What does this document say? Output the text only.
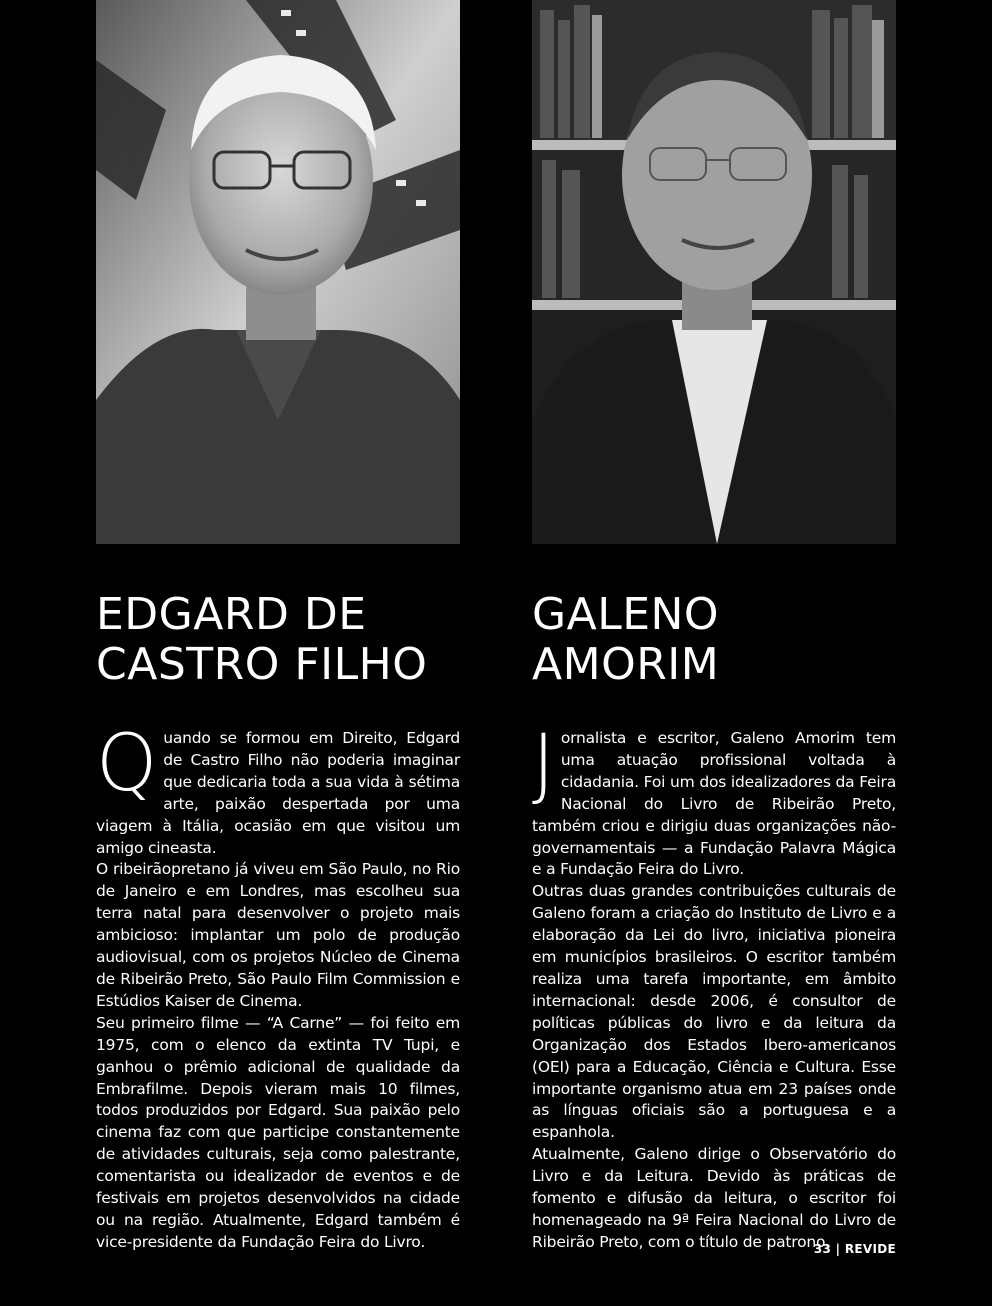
EDGARD DE
CASTRO FILHO
GALENO
AMORIM

Quando se formou em Direito, Edgard de Castro Filho não poderia imaginar que dedicaria toda a sua vida à sétima arte, paixão despertada por uma viagem à Itália, ocasião em que visitou um amigo cineasta.

O ribeirãopretano já viveu em São Paulo, no Rio de Janeiro e em Londres, mas escolheu sua terra natal para desenvolver o projeto mais ambicioso: implantar um polo de produção audiovisual, com os projetos Núcleo de Cinema de Ribeirão Preto, São Paulo Film Commission e Estúdios Kaiser de Cinema.

Seu primeiro filme — “A Carne” — foi feito em 1975, com o elenco da extinta TV Tupi, e ganhou o prêmio adicional de qualidade da Embrafilme. Depois vieram mais 10 filmes, todos produzidos por Edgard. Sua paixão pelo cinema faz com que participe constantemente de atividades culturais, seja como palestrante, comentarista ou idealizador de eventos e de festivais em projetos desenvolvidos na cidade ou na região. Atualmente, Edgard também é vice-presidente da Fundação Feira do Livro.

Jornalista e escritor, Galeno Amorim tem uma atuação profissional voltada à cidadania. Foi um dos idealizadores da Feira Nacional do Livro de Ribeirão Preto, também criou e dirigiu duas organizações não-governamentais — a Fundação Palavra Mágica e a Fundação Feira do Livro.

Outras duas grandes contribuições culturais de Galeno foram a criação do Instituto de Livro e a elaboração da Lei do livro, iniciativa pioneira em municípios brasileiros. O escritor também realiza uma tarefa importante, em âmbito internacional: desde 2006, é consultor de políticas públicas do livro e da leitura da Organização dos Estados Ibero-americanos (OEI) para a Educação, Ciência e Cultura. Esse importante organismo atua em 23 países onde as línguas oficiais são a portuguesa e a espanhola.

Atualmente, Galeno dirige o Observatório do Livro e da Leitura. Devido às práticas de fomento e difusão da leitura, o escritor foi homenageado na 9ª Feira Nacional do Livro de Ribeirão Preto, com o título de patrono.

33 | REVIDE
